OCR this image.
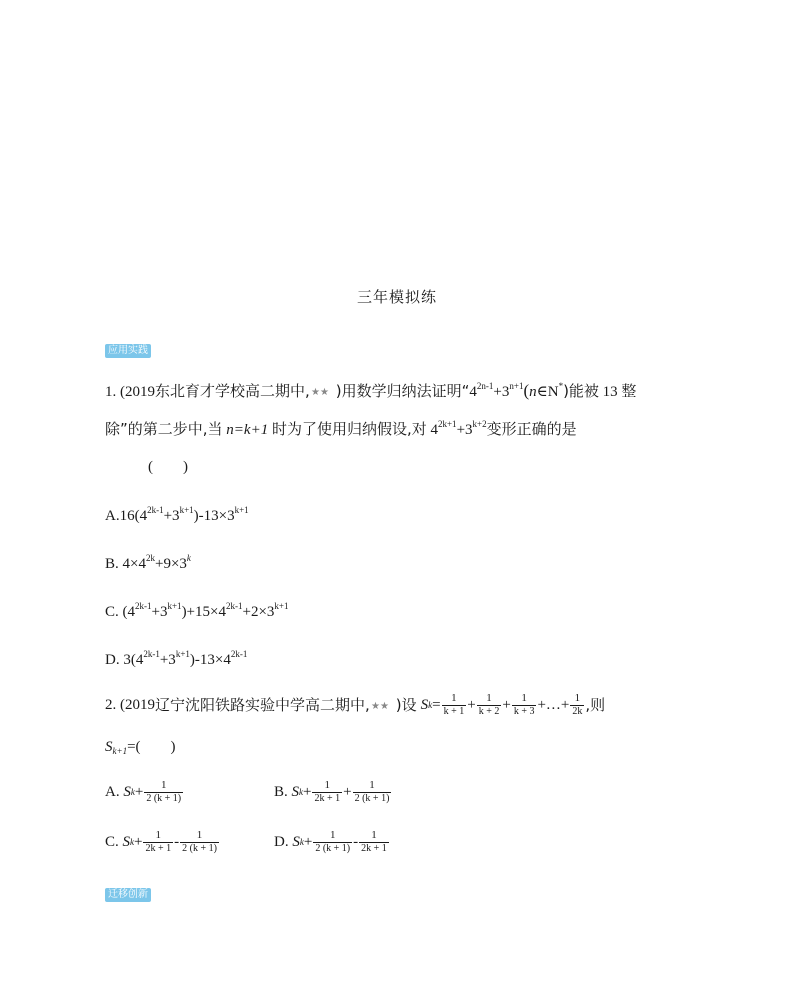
三年模拟练
应用实践
1. (2019东北育才学校高二期中, ★★ )用数学归纳法证明“$4^{2n-1}+3^{n+1}(n\in N^*)$能被 13 整
除”的第二步中,当 n=k+1 时为了使用归纳假设,对 $4^{2k+1}+3^{k+2}$变形正确的是
(　　)
$A.16(4^{2k-1}+3^{k+1})-13\times 3^{k+1}$
B. $4\times 4^{2k}+9\times 3^k$
C. $(4^{2k-1}+3^{k+1})+15\times 4^{2k-1}+2\times 3^{k+1}$
D. $3(4^{2k-1}+3^{k+1})-13\times 4^{2k-1}$
2.
(2019 辽宁沈阳铁路实验中学高二期中, ★★ )设 S $k = \frac{1}{k + 1} + \frac{1}{k + 2} + \frac{1}{k + 3}$ +…+ $\frac{1}{2k}$ ,则
$S_{k+1}=$(　　)
A.
S $k + \frac{1}{2 (k + 1)}$	B.
S $k + \frac{1}{2k + 1} + \frac{1}{2 (k + 1)}$
C.
S $k + \frac{1}{2k + 1} - \frac{1}{2 (k + 1)}$	D.
S $k + \frac{1}{2 (k + 1)} - \frac{1}{2k + 1}$
迁移创新
